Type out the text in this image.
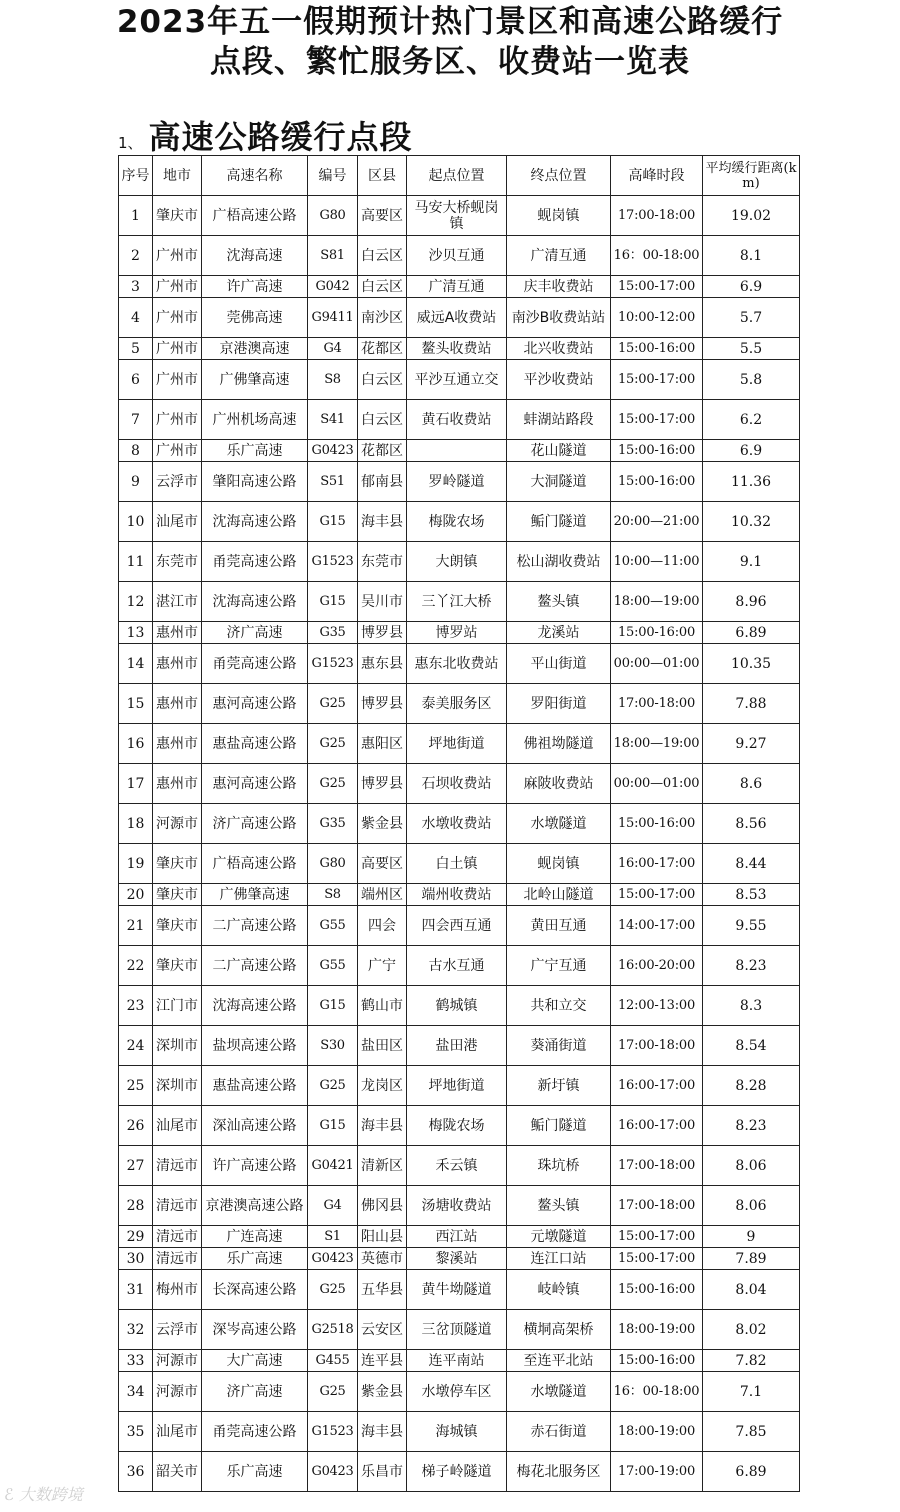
2023年五一假期预计热门景区和高速公路缓行
点段、繁忙服务区、收费站一览表
1、 高速公路缓行点段
序号	地市	高速名称	编号	区县	起点位置	终点位置	高峰时段	平均缓行距离(km)
1	肇庆市	广梧高速公路	G80	高要区	马安大桥蚬岗镇	蚬岗镇	17:00-18:00	19.02
2	广州市	沈海高速	S81	白云区	沙贝互通	广清互通	16：00-18:00	8.1
3	广州市	许广高速	G042	白云区	广清互通	庆丰收费站	15:00-17:00	6.9
4	广州市	莞佛高速	G9411	南沙区	威远A收费站	南沙B收费站站	10:00-12:00	5.7
5	广州市	京港澳高速	G4	花都区	鳌头收费站	北兴收费站	15:00-16:00	5.5
6	广州市	广佛肇高速	S8	白云区	平沙互通立交	平沙收费站	15:00-17:00	5.8
7	广州市	广州机场高速	S41	白云区	黄石收费站	蚌湖站路段	15:00-17:00	6.2
8	广州市	乐广高速	G0423	花都区		花山隧道	15:00-16:00	6.9
9	云浮市	肇阳高速公路	S51	郁南县	罗岭隧道	大洞隧道	15:00-16:00	11.36
10	汕尾市	沈海高速公路	G15	海丰县	梅陇农场	鲘门隧道	20:00—21:00	10.32
11	东莞市	甬莞高速公路	G1523	东莞市	大朗镇	松山湖收费站	10:00—11:00	9.1
12	湛江市	沈海高速公路	G15	吴川市	三丫江大桥	鳌头镇	18:00—19:00	8.96
13	惠州市	济广高速	G35	博罗县	博罗站	龙溪站	15:00-16:00	6.89
14	惠州市	甬莞高速公路	G1523	惠东县	惠东北收费站	平山街道	00:00—01:00	10.35
15	惠州市	惠河高速公路	G25	博罗县	泰美服务区	罗阳街道	17:00-18:00	7.88
16	惠州市	惠盐高速公路	G25	惠阳区	坪地街道	佛祖坳隧道	18:00—19:00	9.27
17	惠州市	惠河高速公路	G25	博罗县	石坝收费站	麻陂收费站	00:00—01:00	8.6
18	河源市	济广高速公路	G35	紫金县	水墩收费站	水墩隧道	15:00-16:00	8.56
19	肇庆市	广梧高速公路	G80	高要区	白土镇	蚬岗镇	16:00-17:00	8.44
20	肇庆市	广佛肇高速	S8	端州区	端州收费站	北岭山隧道	15:00-17:00	8.53
21	肇庆市	二广高速公路	G55	四会	四会西互通	黄田互通	14:00-17:00	9.55
22	肇庆市	二广高速公路	G55	广宁	古水互通	广宁互通	16:00-20:00	8.23
23	江门市	沈海高速公路	G15	鹤山市	鹤城镇	共和立交	12:00-13:00	8.3
24	深圳市	盐坝高速公路	S30	盐田区	盐田港	葵涌街道	17:00-18:00	8.54
25	深圳市	惠盐高速公路	G25	龙岗区	坪地街道	新圩镇	16:00-17:00	8.28
26	汕尾市	深汕高速公路	G15	海丰县	梅陇农场	鲘门隧道	16:00-17:00	8.23
27	清远市	许广高速公路	G0421	清新区	禾云镇	珠坑桥	17:00-18:00	8.06
28	清远市	京港澳高速公路	G4	佛冈县	汤塘收费站	鳌头镇	17:00-18:00	8.06
29	清远市	广连高速	S1	阳山县	西江站	元墩隧道	15:00-17:00	9
30	清远市	乐广高速	G0423	英德市	黎溪站	连江口站	15:00-17:00	7.89
31	梅州市	长深高速公路	G25	五华县	黄牛坳隧道	岐岭镇	15:00-16:00	8.04
32	云浮市	深岑高速公路	G2518	云安区	三岔顶隧道	横垌高架桥	18:00-19:00	8.02
33	河源市	大广高速	G455	连平县	连平南站	至连平北站	15:00-16:00	7.82
34	河源市	济广高速	G25	紫金县	水墩停车区	水墩隧道	16：00-18:00	7.1
35	汕尾市	甬莞高速公路	G1523	海丰县	海城镇	赤石街道	18:00-19:00	7.85
36	韶关市	乐广高速	G0423	乐昌市	梯子岭隧道	梅花北服务区	17:00-19:00	6.89
ℰ 大数跨境
